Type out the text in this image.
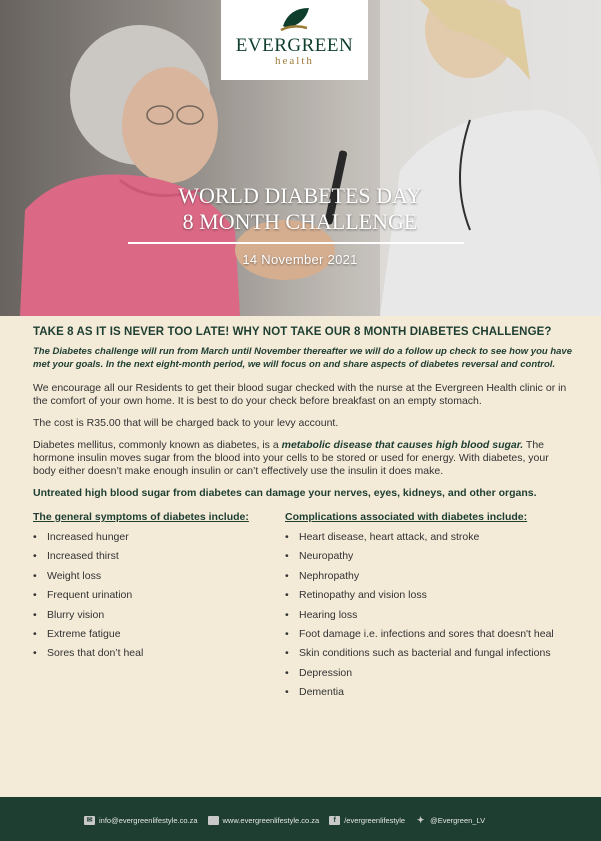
EVERGREEN
health
WORLD DIABETES DAY
8 MONTH CHALLENGE
14 November 2021
TAKE 8 AS IT IS NEVER TOO LATE! WHY NOT TAKE OUR 8 MONTH DIABETES CHALLENGE?
The Diabetes challenge will run from March until November thereafter we will do a follow up check to see how you have met your goals. In the next eight-month period, we will focus on and share aspects of diabetes reversal and control.

We encourage all our Residents to get their blood sugar checked with the nurse at the Evergreen Health clinic or in the comfort of your own home. It is best to do your check before breakfast on an empty stomach.

The cost is R35.00 that will be charged back to your levy account.

Diabetes mellitus, commonly known as diabetes, is a metabolic disease that causes high blood sugar. The hormone insulin moves sugar from the blood into your cells to be stored or used for energy. With diabetes, your body either doesn’t make enough insulin or can’t effectively use the insulin it does make.

Untreated high blood sugar from diabetes can damage your nerves, eyes, kidneys, and other organs.

The general symptoms of diabetes include:
• Increased hunger
• Increased thirst
• Weight loss
• Frequent urination
• Blurry vision
• Extreme fatigue
• Sores that don’t heal
Complications associated with diabetes include:
• Heart disease, heart attack, and stroke
• Neuropathy
• Nephropathy
• Retinopathy and vision loss
• Hearing loss
• Foot damage i.e. infections and sores that doesn't heal
• Skin conditions such as bacterial and fungal infections
• Depression
• Dementia
✉ info@evergreenlifestyle.co.za	www.evergreenlifestyle.co.za	f	/evergreenlifestyle ✦ @Evergreen_LV
